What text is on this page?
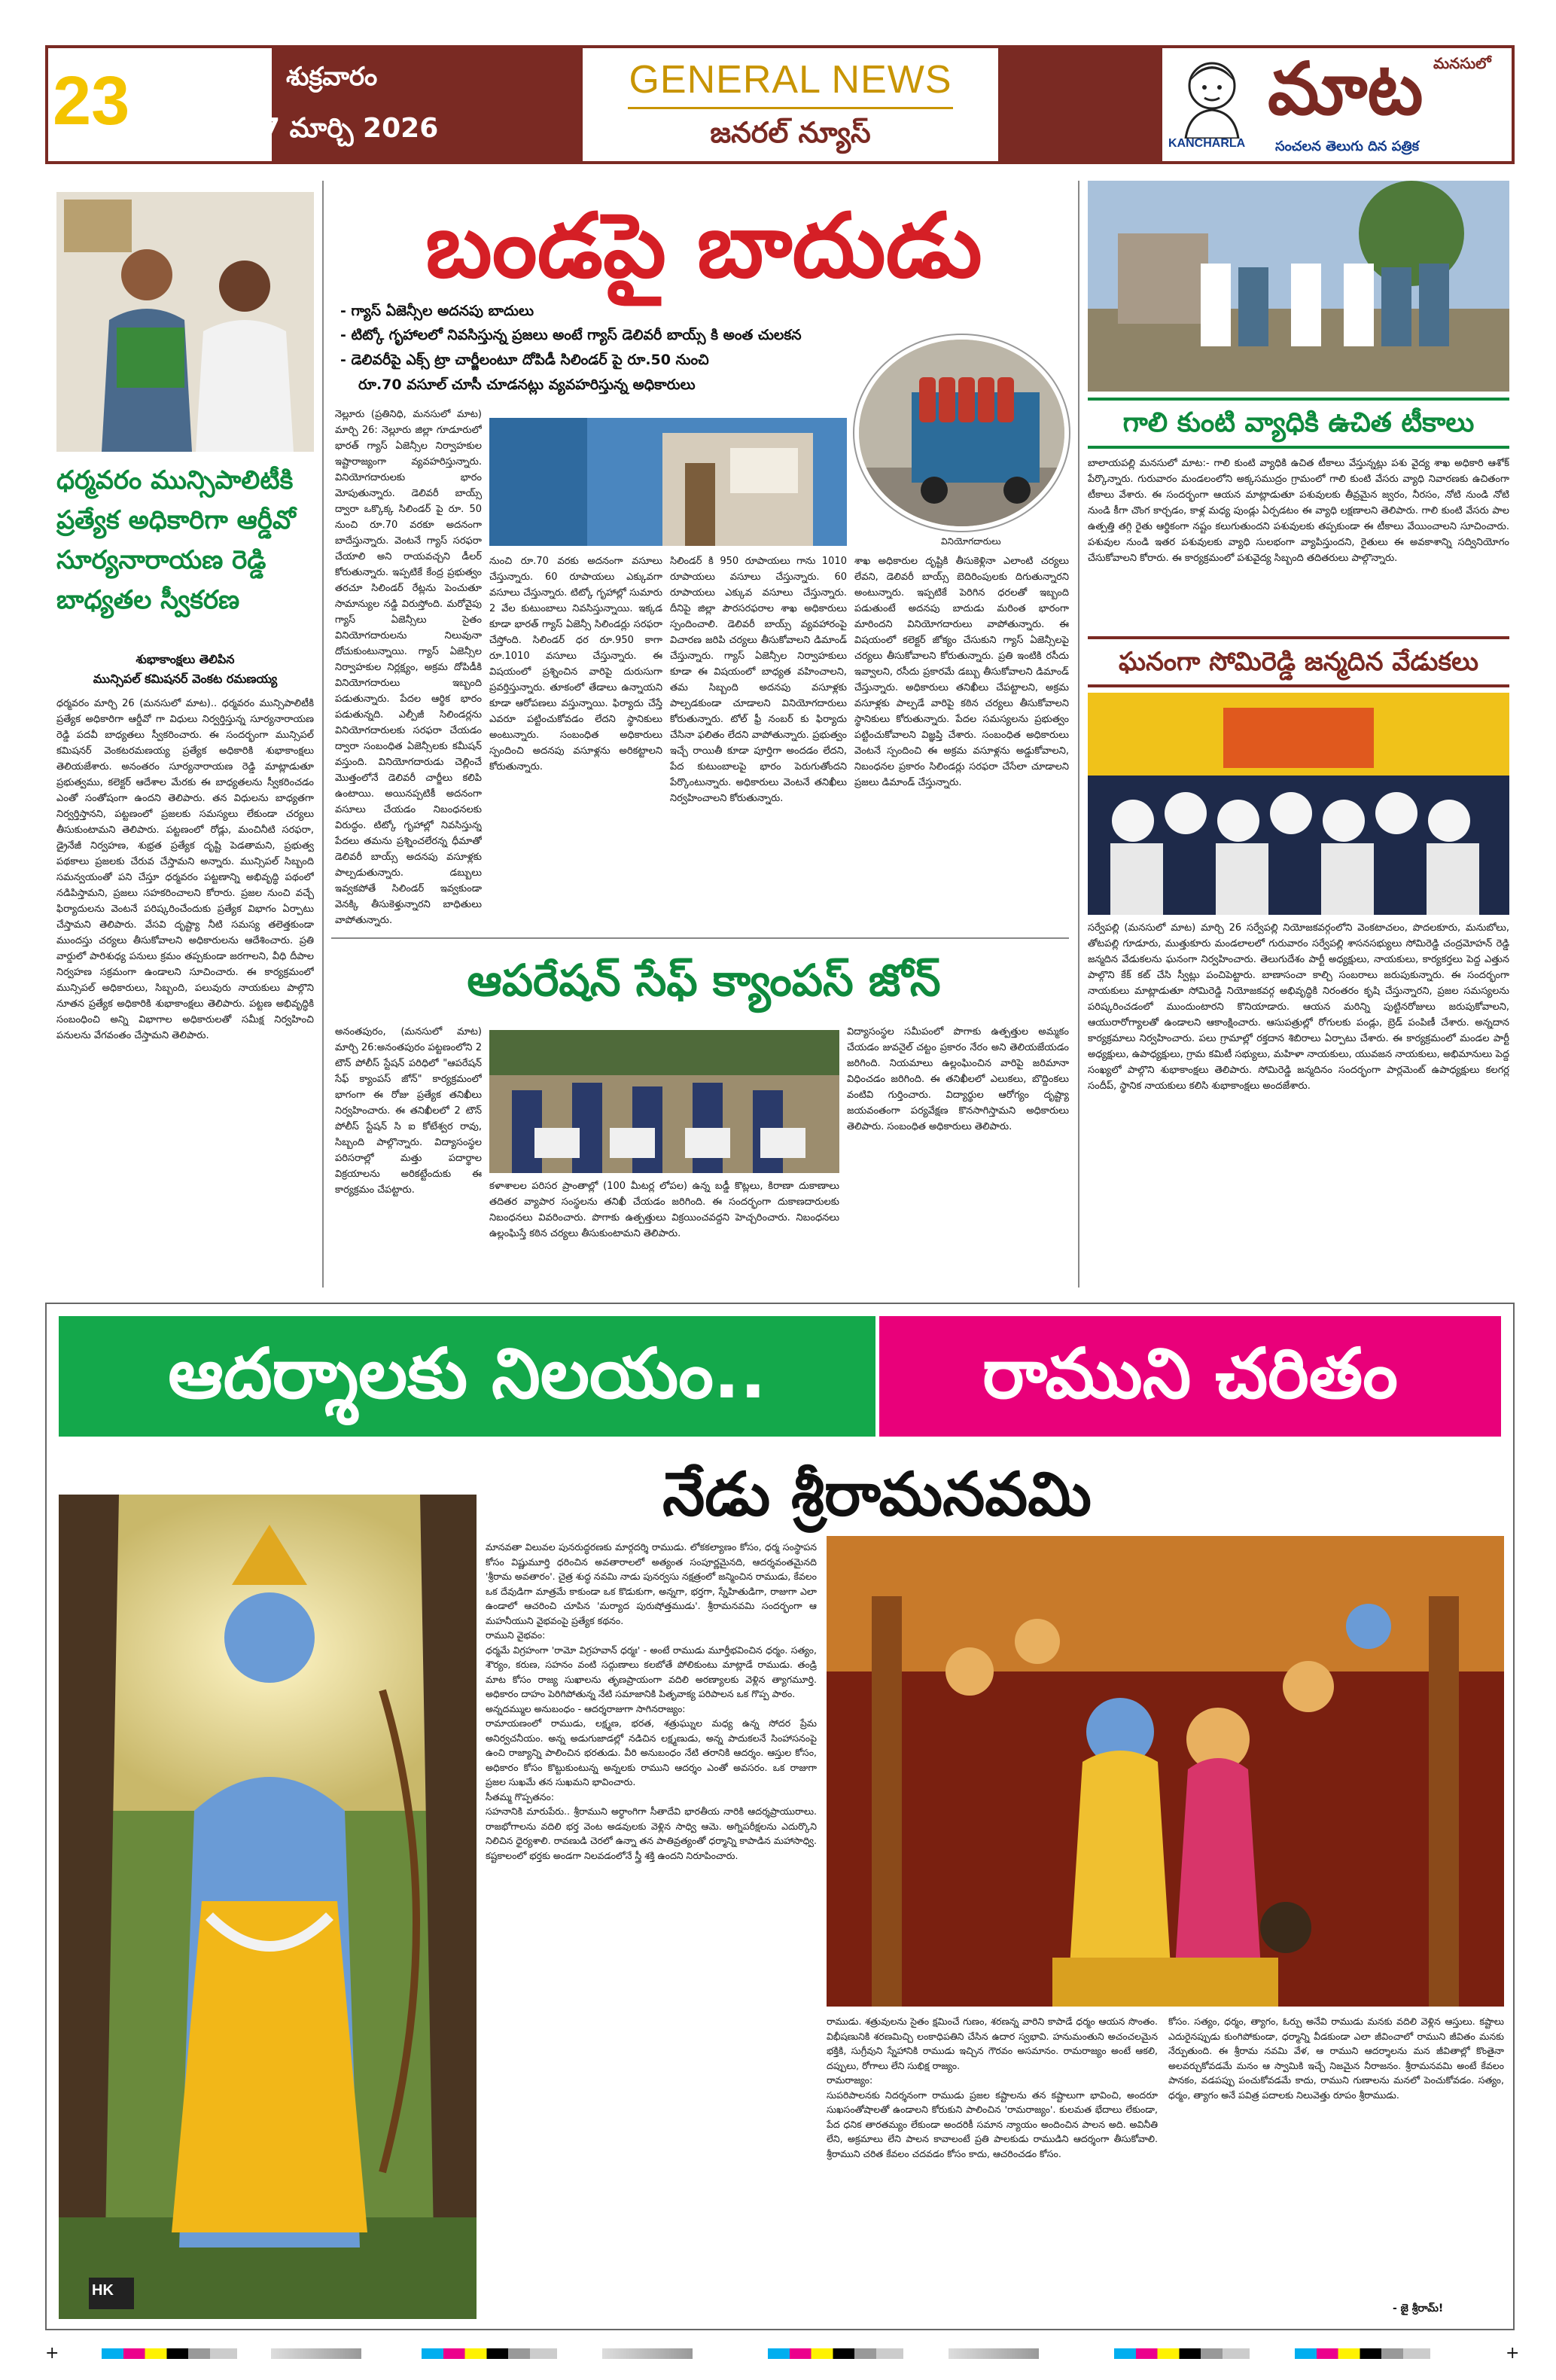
23	శుక్రవారం
27 మార్చి 2026
GENERAL NEWS
జనరల్ న్యూస్	KANCHARLA
మనసులో
మాట
సంచలన తెలుగు దిన పత్రిక
ధర్మవరం మున్సిపాలిటీకి ప్రత్యేక అధికారిగా ఆర్డీవో సూర్యనారాయణ రెడ్డి బాధ్యతల స్వీకరణ
శుభాకాంక్షలు తెలిపిన
మున్సిపల్ కమిషనర్ వెంకట రమణయ్య
ధర్మవరం మార్చి 26 (మనసులో మాట).. ధర్మవరం మున్సిపాలిటీకి ప్రత్యేక అధికారిగా ఆర్డీవో గా విధులు నిర్వర్తిస్తున్న సూర్యనారాయణ రెడ్డి పదవీ బాధ్యతలు స్వీకరించారు. ఈ సందర్భంగా మున్సిపల్ కమిషనర్ వెంకటరమణయ్య ప్రత్యేక అధికారికి శుభాకాంక్షలు తెలియజేశారు. అనంతరం సూర్యనారాయణ రెడ్డి మాట్లాడుతూ ప్రభుత్వము, కలెక్టర్ ఆదేశాల మేరకు ఈ బాధ్యతలను స్వీకరించడం ఎంతో సంతోషంగా ఉందని తెలిపారు. తన విధులను బాధ్యతగా నిర్వర్తిస్తానని, పట్టణంలో ప్రజలకు సమస్యలు లేకుండా చర్యలు తీసుకుంటామని తెలిపారు. పట్టణంలో రోడ్లు, మంచినీటి సరఫరా, డ్రైనేజీ నిర్వహణ, శుభ్రత ప్రత్యేక దృష్టి పెడతామని, ప్రభుత్వ పథకాలు ప్రజలకు చేరువ చేస్తామని అన్నారు. మున్సిపల్ సిబ్బంది సమన్వయంతో పని చేస్తూ ధర్మవరం పట్టణాన్ని అభివృద్ధి పథంలో నడిపిస్తామని, ప్రజలు సహకరించాలని కోరారు. ప్రజల నుంచి వచ్చే ఫిర్యాదులను వెంటనే పరిష్కరించేందుకు ప్రత్యేక విభాగం ఏర్పాటు చేస్తామని తెలిపారు. వేసవి దృష్ట్యా నీటి సమస్య తలెత్తకుండా ముందస్తు చర్యలు తీసుకోవాలని అధికారులను ఆదేశించారు. ప్రతి వార్డులో పారిశుధ్య పనులు క్రమం తప్పకుండా జరగాలని, వీధి దీపాల నిర్వహణ సక్రమంగా ఉండాలని సూచించారు. ఈ కార్యక్రమంలో మున్సిపల్ అధికారులు, సిబ్బంది, పలువురు నాయకులు పాల్గొని నూతన ప్రత్యేక అధికారికి శుభాకాంక్షలు తెలిపారు. పట్టణ అభివృద్ధికి సంబంధించి అన్ని విభాగాల అధికారులతో సమీక్ష నిర్వహించి పనులను వేగవంతం చేస్తామని తెలిపారు.
బండపై బాదుడు
- గ్యాస్ ఏజెన్సీల అదనపు బాదులు
- టిట్కో గృహాలలో నివసిస్తున్న ప్రజలు అంటే గ్యాస్ డెలివరీ బాయ్స్ కి అంత చులకన
- డెలివరీపై ఎక్స్ ట్రా చార్జీలంటూ దోపిడీ సిలిండర్ పై రూ.50 నుంచి
రూ.70 వసూల్ చూసీ చూడనట్లు వ్యవహరిస్తున్న అధికారులు
వినియోగదారులు
నెల్లూరు (ప్రతినిధి, మనసులో మాట) మార్చి 26: నెల్లూరు జిల్లా గూడూరులో భారత్ గ్యాస్ ఏజెన్సీల నిర్వాహకుల ఇష్టారాజ్యంగా వ్యవహరిస్తున్నారు. వినియోగదారులకు భారం మోపుతున్నారు. డెలివరీ బాయ్స్ ద్వారా ఒక్కొక్క సిలిండర్ పై రూ. 50 నుంచి రూ.70 వరకూ అదనంగా బాదేస్తున్నారు. వెంటనే గ్యాస్ సరఫరా చేయాలి అని రాయవచ్చని డీలర్ కోరుతున్నారు. ఇప్పటికే కేంద్ర ప్రభుత్వం తరచూ సిలిండర్ రేట్లను పెంచుతూ సామాన్యుల నడ్డి విరుస్తోంది. మరోవైపు గ్యాస్ ఏజెన్సీలు సైతం వినియోగదారులను నిలువునా దోచుకుంటున్నాయి. గ్యాస్ ఏజెన్సీల నిర్వాహకుల నిర్లక్ష్యం, అక్రమ దోపిడీకి వినియోగదారులు ఇబ్బంది పడుతున్నారు. పేదల ఆర్థిక భారం పడుతున్నది. ఎల్పీజీ సిలిండర్లను వినియోగదారులకు సరఫరా చేయడం ద్వారా సంబంధిత ఏజెన్సీలకు కమీషన్ వస్తుంది. వినియోగదారుడు చెల్లించే మొత్తంలోనే డెలివరీ చార్జీలు కలిపి ఉంటాయి. అయినప్పటికీ అదనంగా వసూలు చేయడం నిబంధనలకు విరుద్ధం. టిట్కో గృహాల్లో నివసిస్తున్న పేదలు తమను ప్రశ్నించలేరన్న ధీమాతో డెలివరీ బాయ్స్ అదనపు వసూళ్లకు పాల్పడుతున్నారు. డబ్బులు ఇవ్వకపోతే సిలిండర్ ఇవ్వకుండా వెనక్కి తీసుకెళ్తున్నారని బాధితులు వాపోతున్నారు.
నుంచి రూ.70 వరకు అదనంగా వసూలు చేస్తున్నారు. 60 రూపాయలు ఎక్కువగా వసూలు చేస్తున్నారు. టిట్కో గృహాల్లో సుమారు 2 వేల కుటుంబాలు నివసిస్తున్నాయి. ఇక్కడ కూడా భారత్ గ్యాస్ ఏజెన్సీ సిలిండర్లు సరఫరా చేస్తోంది. సిలిండర్ ధర రూ.950 కాగా రూ.1010 వసూలు చేస్తున్నారు. ఈ విషయంలో ప్రశ్నించిన వారిపై దురుసుగా ప్రవర్తిస్తున్నారు. తూకంలో తేడాలు ఉన్నాయని కూడా ఆరోపణలు వస్తున్నాయి. ఫిర్యాదు చేస్తే ఎవరూ పట్టించుకోవడం లేదని స్థానికులు అంటున్నారు. సంబంధిత అధికారులు స్పందించి అదనపు వసూళ్లను అరికట్టాలని కోరుతున్నారు.
సిలిండర్ కి 950 రూపాయలు గాను 1010 రూపాయలు వసూలు చేస్తున్నారు. 60 రూపాయలు ఎక్కువ వసూలు చేస్తున్నారు. దీనిపై జిల్లా పౌరసరఫరాల శాఖ అధికారులు స్పందించాలి. డెలివరీ బాయ్స్ వ్యవహారంపై విచారణ జరిపి చర్యలు తీసుకోవాలని డిమాండ్ చేస్తున్నారు. గ్యాస్ ఏజెన్సీల నిర్వాహకులు కూడా ఈ విషయంలో బాధ్యత వహించాలని, తమ సిబ్బంది అదనపు వసూళ్లకు పాల్పడకుండా చూడాలని వినియోగదారులు కోరుతున్నారు. టోల్ ఫ్రీ నంబర్ కు ఫిర్యాదు చేసినా ఫలితం లేదని వాపోతున్నారు. ప్రభుత్వం ఇచ్చే రాయితీ కూడా పూర్తిగా అందడం లేదని, పేద కుటుంబాలపై భారం పెరుగుతోందని పేర్కొంటున్నారు. అధికారులు వెంటనే తనిఖీలు నిర్వహించాలని కోరుతున్నారు.
శాఖ అధికారుల దృష్టికి తీసుకెళ్లినా ఎలాంటి చర్యలు లేవని, డెలివరీ బాయ్స్ బెదిరింపులకు దిగుతున్నారని అంటున్నారు. ఇప్పటికే పెరిగిన ధరలతో ఇబ్బంది పడుతుంటే అదనపు బాదుడు మరింత భారంగా మారిందని వినియోగదారులు వాపోతున్నారు. ఈ విషయంలో కలెక్టర్ జోక్యం చేసుకుని గ్యాస్ ఏజెన్సీలపై చర్యలు తీసుకోవాలని కోరుతున్నారు. ప్రతి ఇంటికి రసీదు ఇవ్వాలని, రసీదు ప్రకారమే డబ్బు తీసుకోవాలని డిమాండ్ చేస్తున్నారు. అధికారులు తనిఖీలు చేపట్టాలని, అక్రమ వసూళ్లకు పాల్పడే వారిపై కఠిన చర్యలు తీసుకోవాలని స్థానికులు కోరుతున్నారు. పేదల సమస్యలను ప్రభుత్వం పట్టించుకోవాలని విజ్ఞప్తి చేశారు. సంబంధిత అధికారులు వెంటనే స్పందించి ఈ అక్రమ వసూళ్లను అడ్డుకోవాలని, నిబంధనల ప్రకారం సిలిండర్లు సరఫరా చేసేలా చూడాలని ప్రజలు డిమాండ్ చేస్తున్నారు.
ఆపరేషన్ సేఫ్ క్యాంపస్ జోన్
అనంతపురం, (మనసులో మాట) మార్చి 26:అనంతపురం పట్టణంలోని 2 టౌన్ పోలీస్ స్టేషన్ పరిధిలో "ఆపరేషన్ సేఫ్ క్యాంపస్ జోన్" కార్యక్రమంలో భాగంగా ఈ రోజు ప్రత్యేక తనిఖీలు నిర్వహించారు. ఈ తనిఖీలలో 2 టౌన్ పోలీస్ స్టేషన్ సి ఐ కోటేశ్వర రావు, సిబ్బంది పాల్గొన్నారు. విద్యాసంస్థల పరిసరాల్లో మత్తు పదార్థాల విక్రయాలను అరికట్టేందుకు ఈ కార్యక్రమం చేపట్టారు.	కళాశాలల పరిసర ప్రాంతాల్లో (100 మీటర్ల లోపల) ఉన్న బడ్డీ కొట్లలు, కిరాణా దుకాణాలు తదితర వ్యాపార సంస్థలను తనిఖీ చేయడం జరిగింది. ఈ సందర్భంగా దుకాణదారులకు నిబంధనలు వివరించారు. పొగాకు ఉత్పత్తులు విక్రయించవద్దని హెచ్చరించారు. నిబంధనలు ఉల్లంఘిస్తే కఠిన చర్యలు తీసుకుంటామని తెలిపారు.
విద్యాసంస్థల సమీపంలో పొగాకు ఉత్పత్తుల అమ్మకం చేయడం జువనైల్ చట్టం ప్రకారం నేరం అని తెలియజేయడం జరిగింది. నియమాలు ఉల్లంఘించిన వారిపై జరిమానా విధించడం జరిగింది. ఈ తనిఖీలలో ఎలుకలు, బొద్దింకలు వంటివి గుర్తించారు. విద్యార్థుల ఆరోగ్యం దృష్ట్యా జయవంతంగా పర్యవేక్షణ కొనసాగిస్తామని అధికారులు తెలిపారు. సంబంధిత అధికారులు తెలిపారు.
గాలి కుంటి వ్యాధికి ఉచిత టీకాలు
బాలాయపల్లి మనసులో మాట:- గాలి కుంటి వ్యాధికి ఉచిత టీకాలు వేస్తున్నట్లు పశు వైద్య శాఖ అధికారి ఆశోక్ పేర్కొన్నారు. గురువారం మండలంలోని అక్కసముద్రం గ్రామంలో గాలి కుంటి వేసరు వ్యాధి నివారణకు ఉచితంగా టీకాలు వేశారు. ఈ సందర్భంగా ఆయన మాట్లాడుతూ పశువులకు తీవ్రమైన జ్వరం, నీరసం, నోటి నుండి నోటి నుండి కీగా చొంగ కార్చడం, కాళ్ల మధ్య పుండ్లు ఏర్పడటం ఈ వ్యాధి లక్షణాలని తెలిపారు. గాలి కుంటి వేసరు పాల ఉత్పత్తి తగ్గి రైతు ఆర్థికంగా నష్టం కలుగుతుందని పశువులకు తప్పకుండా ఈ టీకాలు వేయించాలని సూచించారు. పశువుల నుండి ఇతర పశువులకు వ్యాధి సులభంగా వ్యాపిస్తుందని, రైతులు ఈ అవకాశాన్ని సద్వినియోగం చేసుకోవాలని కోరారు. ఈ కార్యక్రమంలో పశువైద్య సిబ్బంది తదితరులు పాల్గొన్నారు.
ఘనంగా సోమిరెడ్డి జన్మదిన వేడుకలు
సర్వేపల్లి (మనసులో మాట) మార్చి 26 సర్వేపల్లి నియోజకవర్గంలోని వెంకటాచలం, పొదలకూరు, మనుబోలు, తోటపల్లి గూడూరు, ముత్తుకూరు మండలాలలో గురువారం సర్వేపల్లి శాసనసభ్యులు సోమిరెడ్డి చంద్రమోహన్ రెడ్డి జన్మదిన వేడుకలను ఘనంగా నిర్వహించారు. తెలుగుదేశం పార్టీ అధ్యక్షులు, నాయకులు, కార్యకర్తలు పెద్ద ఎత్తున పాల్గొని కేక్ కట్ చేసి స్వీట్లు పంచిపెట్టారు. బాణాసంచా కాల్చి సంబరాలు జరుపుకున్నారు. ఈ సందర్భంగా నాయకులు మాట్లాడుతూ సోమిరెడ్డి నియోజకవర్గ అభివృద్ధికి నిరంతరం కృషి చేస్తున్నారని, ప్రజల సమస్యలను పరిష్కరించడంలో ముందుంటారని కొనియాడారు. ఆయన మరిన్ని పుట్టినరోజులు జరుపుకోవాలని, ఆయురారోగ్యాలతో ఉండాలని ఆకాంక్షించారు. ఆసుపత్రుల్లో రోగులకు పండ్లు, బ్రెడ్ పంపిణీ చేశారు. అన్నదాన కార్యక్రమాలు నిర్వహించారు. పలు గ్రామాల్లో రక్తదాన శిబిరాలు ఏర్పాటు చేశారు. ఈ కార్యక్రమంలో మండల పార్టీ అధ్యక్షులు, ఉపాధ్యక్షులు, గ్రామ కమిటీ సభ్యులు, మహిళా నాయకులు, యువజన నాయకులు, అభిమానులు పెద్ద సంఖ్యలో పాల్గొని శుభాకాంక్షలు తెలిపారు. సోమిరెడ్డి జన్మదినం సందర్భంగా పార్లమెంట్ ఉపాధ్యక్షులు కలగర్ల సందీప్, స్థానిక నాయకులు కలిసి శుభాకాంక్షలు అందజేశారు.
ఆదర్శాలకు నిలయం..	రాముని చరితం
నేడు శ్రీరామనవమి
HK
మానవతా విలువల పునరుద్ధరణకు మార్గదర్శి రాముడు. లోకకల్యాణం కోసం, ధర్మ సంస్థాపన కోసం విష్ణుమూర్తి ధరించిన అవతారాలలో అత్యంత సంపూర్ణమైనది, ఆదర్శవంతమైనది 'శ్రీరామ అవతారం'. చైత్ర శుద్ధ నవమి నాడు పునర్వసు నక్షత్రంలో జన్మించిన రాముడు, కేవలం ఒక దేవుడిగా మాత్రమే కాకుండా ఒక కొడుకుగా, అన్నగా, భర్తగా, స్నేహితుడిగా, రాజుగా ఎలా ఉండాలో ఆచరించి చూపిన 'మర్యాద పురుషోత్తముడు'. శ్రీరామనవమి సందర్భంగా ఆ మహనీయుని వైభవంపై ప్రత్యేక కథనం.
రాముని వైభవం:
ధర్మమే విగ్రహంగా 'రామో విగ్రహవాన్ ధర్మః' - అంటే రాముడు మూర్తీభవించిన ధర్మం. సత్యం, శౌర్యం, కరుణ, సహనం వంటి సద్గుణాలు కలబోతే పోలికుంటు మాట్లాడే రాముడు. తండ్రి మాట కోసం రాజ్య సుఖాలను తృణప్రాయంగా వదిలి అరణ్యాలకు వెళ్లిన త్యాగమూర్తి. అధికారం దాహం పెరిగిపోతున్న నేటి సమాజానికి పితృవాక్య పరిపాలన ఒక గొప్ప పాఠం.
అన్నదమ్ముల అనుబంధం - ఆదర్శరాజుగా సాగినరాజ్యం:
రామాయణంలో రాముడు, లక్ష్మణ, భరత, శత్రుఘ్నుల మధ్య ఉన్న సోదర ప్రేమ అనిర్వచనీయం. అన్న అడుగుజాడల్లో నడిచిన లక్ష్మణుడు, అన్న పాదుకలనే సింహాసనంపై ఉంచి రాజ్యాన్ని పాలించిన భరతుడు. వీరి అనుబంధం నేటి తరానికి ఆదర్శం. ఆస్తుల కోసం, అధికారం కోసం కొట్టుకుంటున్న అన్నలకు రాముని ఆదర్శం ఎంతో అవసరం. ఒక రాజుగా ప్రజల సుఖమే తన సుఖమని భావించారు.
సీతమ్మ గొప్పతనం:
సహనానికి మారుపేరు.. శ్రీరాముని అర్ధాంగిగా సీతాదేవి భారతీయ నారికి ఆదర్శప్రాయురాలు. రాజభోగాలను వదిలి భర్త వెంట అడవులకు వెళ్లిన సాధ్వి ఆమె. అగ్నిపరీక్షలను ఎదుర్కొని నిలిచిన ధైర్యశాలి. రావణుడి చెరలో ఉన్నా తన పాతివ్రత్యంతో ధర్మాన్ని కాపాడిన మహాసాధ్వి. కష్టకాలంలో భర్తకు అండగా నిలవడంలోనే స్త్రీ శక్తి ఉందని నిరూపించారు.
రాముడు. శత్రువులను సైతం క్షమించే గుణం, శరణన్న వారిని కాపాడే ధర్మం ఆయన సొంతం. విభీషణునికి శరణమిచ్చి లంకాధిపతిని చేసిన ఉదార స్వభావి. హనుమంతుని అచంచలమైన భక్తికి, సుగ్రీవుని స్నేహానికి రాముడు ఇచ్చిన గౌరవం అసమానం. రామరాజ్యం అంటే ఆకలి, దప్పులు, రోగాలు లేని సుభిక్ష రాజ్యం.
రామరాజ్యం:
సుపరిపాలనకు నిదర్శనంగా రాముడు ప్రజల కష్టాలను తన కష్టాలుగా భావించి, అందరూ సుఖసంతోషాలతో ఉండాలని కోరుకుని పాలించిన 'రామరాజ్యం'. కులమత భేదాలు లేకుండా, పేద ధనిక తారతమ్యం లేకుండా అందరికీ సమాన న్యాయం అందించిన పాలన అది. అవినీతి లేని, అక్రమాలు లేని పాలన కావాలంటే ప్రతి పాలకుడు రాముడిని ఆదర్శంగా తీసుకోవాలి. శ్రీరాముని చరిత కేవలం చదవడం కోసం కాదు, ఆచరించడం కోసం.
కోసం. సత్యం, ధర్మం, త్యాగం, ఓర్పు అనేవి రాముడు మనకు వదిలి వెళ్లిన ఆస్తులు. కష్టాలు ఎదురైనప్పుడు కుంగిపోకుండా, ధర్మాన్ని వీడకుండా ఎలా జీవించాలో రాముని జీవితం మనకు నేర్పుతుంది. ఈ శ్రీరామ నవమి వేళ, ఆ రాముని ఆదర్శాలను మన జీవితాల్లో కొంతైనా అలవర్చుకోవడమే మనం ఆ స్వామికి ఇచ్చే నిజమైన నీరాజనం. శ్రీరామనవమి అంటే కేవలం పానకం, వడపప్పు పంచుకోవడమే కాదు, రాముని గుణాలను మనలో పెంచుకోవడం. సత్యం, ధర్మం, త్యాగం అనే పవిత్ర పదాలకు నిలువెత్తు రూపం శ్రీరాముడు.
- జై శ్రీరామ్!
+	+
